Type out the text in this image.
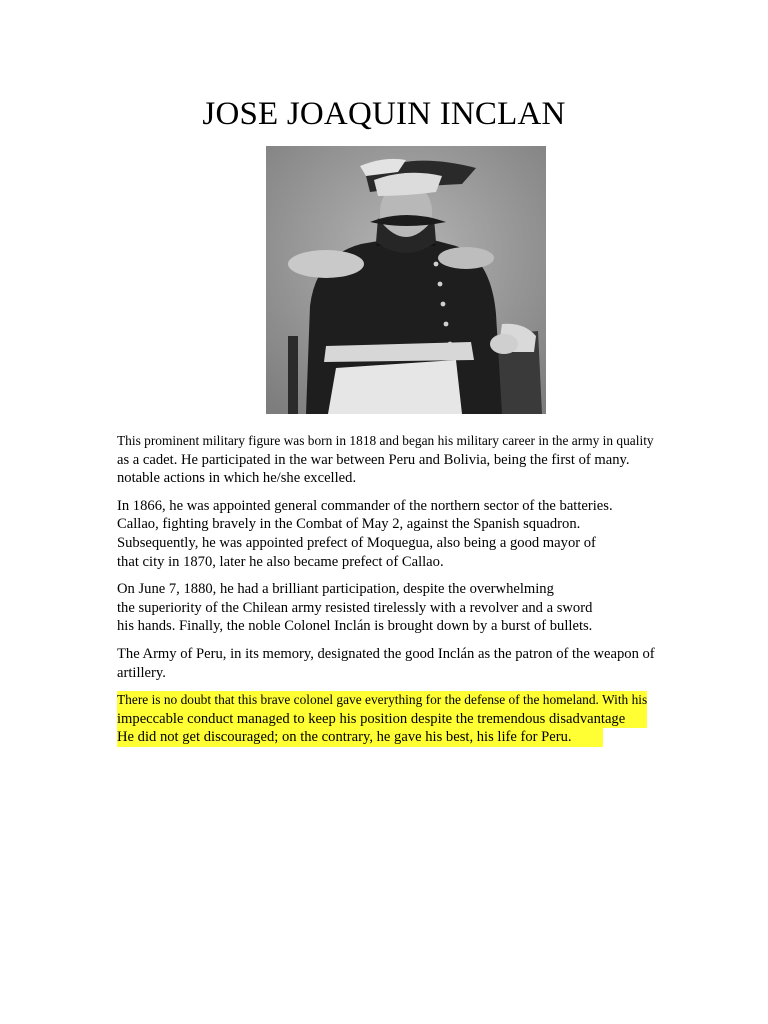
JOSE JOAQUIN INCLAN
This prominent military figure was born in 1818 and began his military career in the army in quality
as a cadet. He participated in the war between Peru and Bolivia, being the first of many.
notable actions in which he/she excelled.
In 1866, he was appointed general commander of the northern sector of the batteries.
Callao, fighting bravely in the Combat of May 2, against the Spanish squadron.
Subsequently, he was appointed prefect of Moquegua, also being a good mayor of
that city in 1870, later he also became prefect of Callao.
On June 7, 1880, he had a brilliant participation, despite the overwhelming
the superiority of the Chilean army resisted tirelessly with a revolver and a sword
his hands. Finally, the noble Colonel Inclán is brought down by a burst of bullets.
The Army of Peru, in its memory, designated the good Inclán as the patron of the weapon of
artillery.
There is no doubt that this brave colonel gave everything for the defense of the homeland. With his
impeccable conduct managed to keep his position despite the tremendous disadvantage
He did not get discouraged; on the contrary, he gave his best, his life for Peru.
